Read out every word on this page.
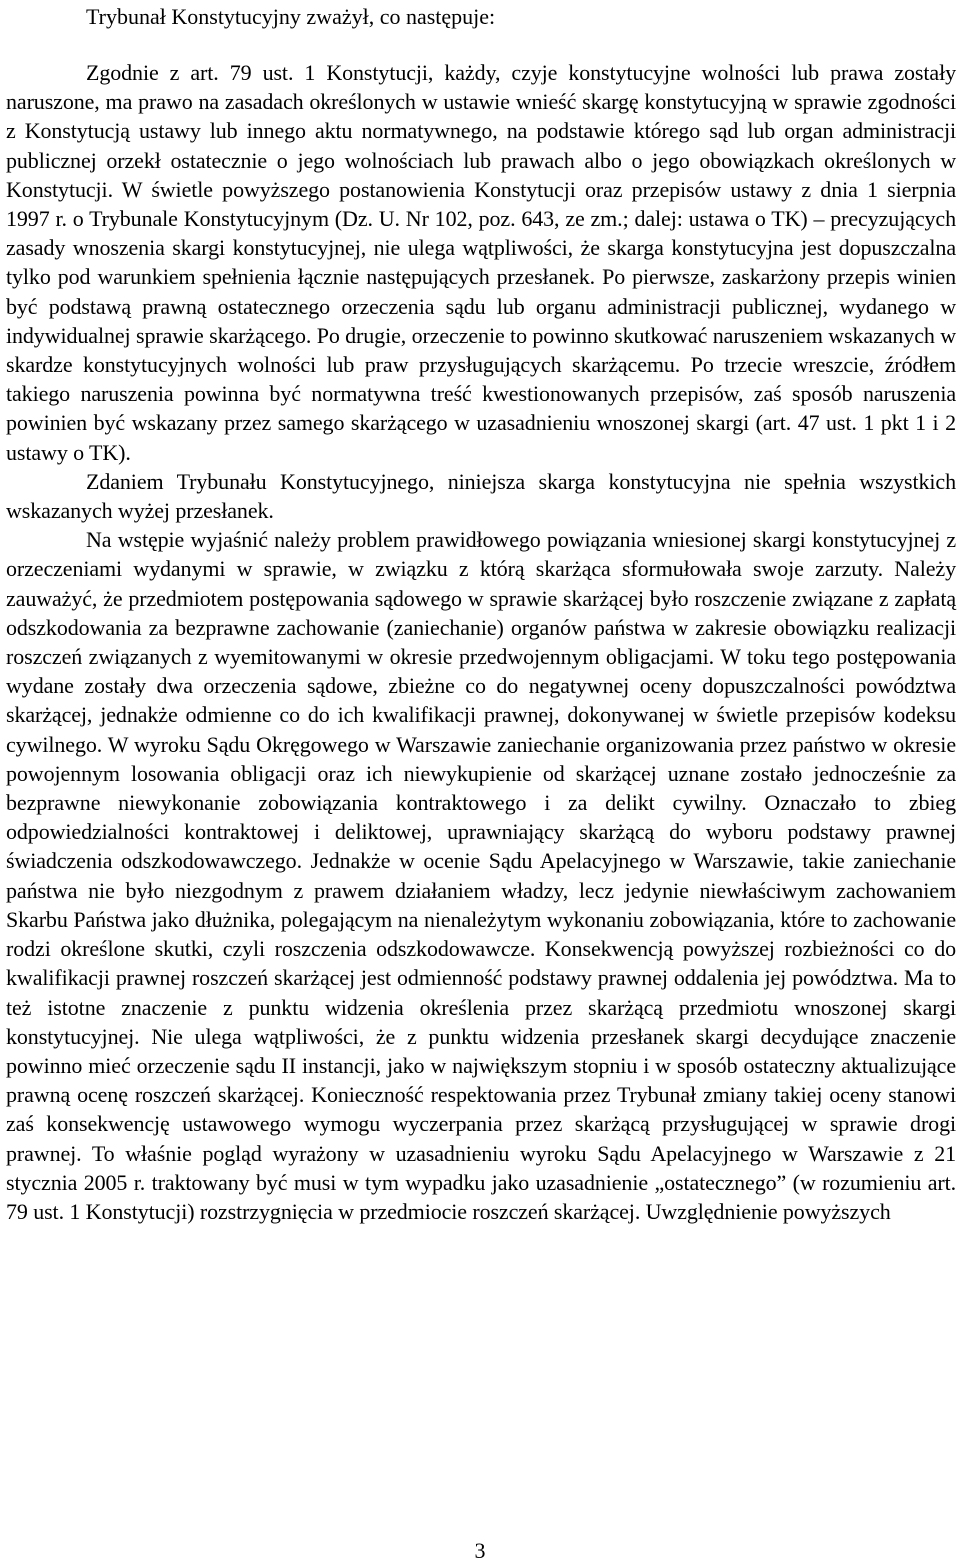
Trybunał Konstytucyjny zważył, co następuje:

Zgodnie z art. 79 ust. 1 Konstytucji, każdy, czyje konstytucyjne wolności lub prawa zostały naruszone, ma prawo na zasadach określonych w ustawie wnieść skargę konstytucyjną w sprawie zgodności z Konstytucją ustawy lub innego aktu normatywnego, na podstawie którego sąd lub organ administracji publicznej orzekł ostatecznie o jego wolnościach lub prawach albo o jego obowiązkach określonych w Konstytucji. W świetle powyższego postanowienia Konstytucji oraz przepisów ustawy z dnia 1 sierpnia 1997 r. o Trybunale Konstytucyjnym (Dz. U. Nr 102, poz. 643, ze zm.; dalej: ustawa o TK) – precyzujących zasady wnoszenia skargi konstytucyjnej, nie ulega wątpliwości, że skarga konstytucyjna jest dopuszczalna tylko pod warunkiem spełnienia łącznie następujących przesłanek. Po pierwsze, zaskarżony przepis winien być podstawą prawną ostatecznego orzeczenia sądu lub organu administracji publicznej, wydanego w indywidualnej sprawie skarżącego. Po drugie, orzeczenie to powinno skutkować naruszeniem wskazanych w skardze konstytucyjnych wolności lub praw przysługujących skarżącemu. Po trzecie wreszcie, źródłem takiego naruszenia powinna być normatywna treść kwestionowanych przepisów, zaś sposób naruszenia powinien być wskazany przez samego skarżącego w uzasadnieniu wnoszonej skargi (art. 47 ust. 1 pkt 1 i 2 ustawy o TK).

Zdaniem Trybunału Konstytucyjnego, niniejsza skarga konstytucyjna nie spełnia wszystkich wskazanych wyżej przesłanek.

Na wstępie wyjaśnić należy problem prawidłowego powiązania wniesionej skargi konstytucyjnej z orzeczeniami wydanymi w sprawie, w związku z którą skarżąca sformułowała swoje zarzuty. Należy zauważyć, że przedmiotem postępowania sądowego w sprawie skarżącej było roszczenie związane z zapłatą odszkodowania za bezprawne zachowanie (zaniechanie) organów państwa w zakresie obowiązku realizacji roszczeń związanych z wyemitowanymi w okresie przedwojennym obligacjami. W toku tego postępowania wydane zostały dwa orzeczenia sądowe, zbieżne co do negatywnej oceny dopuszczalności powództwa skarżącej, jednakże odmienne co do ich kwalifikacji prawnej, dokonywanej w świetle przepisów kodeksu cywilnego. W wyroku Sądu Okręgowego w Warszawie zaniechanie organizowania przez państwo w okresie powojennym losowania obligacji oraz ich niewykupienie od skarżącej uznane zostało jednocześnie za bezprawne niewykonanie zobowiązania kontraktowego i za delikt cywilny. Oznaczało to zbieg odpowiedzialności kontraktowej i deliktowej, uprawniający skarżącą do wyboru podstawy prawnej świadczenia odszkodowawczego. Jednakże w ocenie Sądu Apelacyjnego w Warszawie, takie zaniechanie państwa nie było niezgodnym z prawem działaniem władzy, lecz jedynie niewłaściwym zachowaniem Skarbu Państwa jako dłużnika, polegającym na nienależytym wykonaniu zobowiązania, które to zachowanie rodzi określone skutki, czyli roszczenia odszkodowawcze. Konsekwencją powyższej rozbieżności co do kwalifikacji prawnej roszczeń skarżącej jest odmienność podstawy prawnej oddalenia jej powództwa. Ma to też istotne znaczenie z punktu widzenia określenia przez skarżącą przedmiotu wnoszonej skargi konstytucyjnej. Nie ulega wątpliwości, że z punktu widzenia przesłanek skargi decydujące znaczenie powinno mieć orzeczenie sądu II instancji, jako w największym stopniu i w sposób ostateczny aktualizujące prawną ocenę roszczeń skarżącej. Konieczność respektowania przez Trybunał zmiany takiej oceny stanowi zaś konsekwencję ustawowego wymogu wyczerpania przez skarżącą przysługującej w sprawie drogi prawnej. To właśnie pogląd wyrażony w uzasadnieniu wyroku Sądu Apelacyjnego w Warszawie z 21 stycznia 2005 r. traktowany być musi w tym wypadku jako uzasadnienie „ostatecznego” (w rozumieniu art. 79 ust. 1 Konstytucji) rozstrzygnięcia w przedmiocie roszczeń skarżącej. Uwzględnienie powyższych

3
